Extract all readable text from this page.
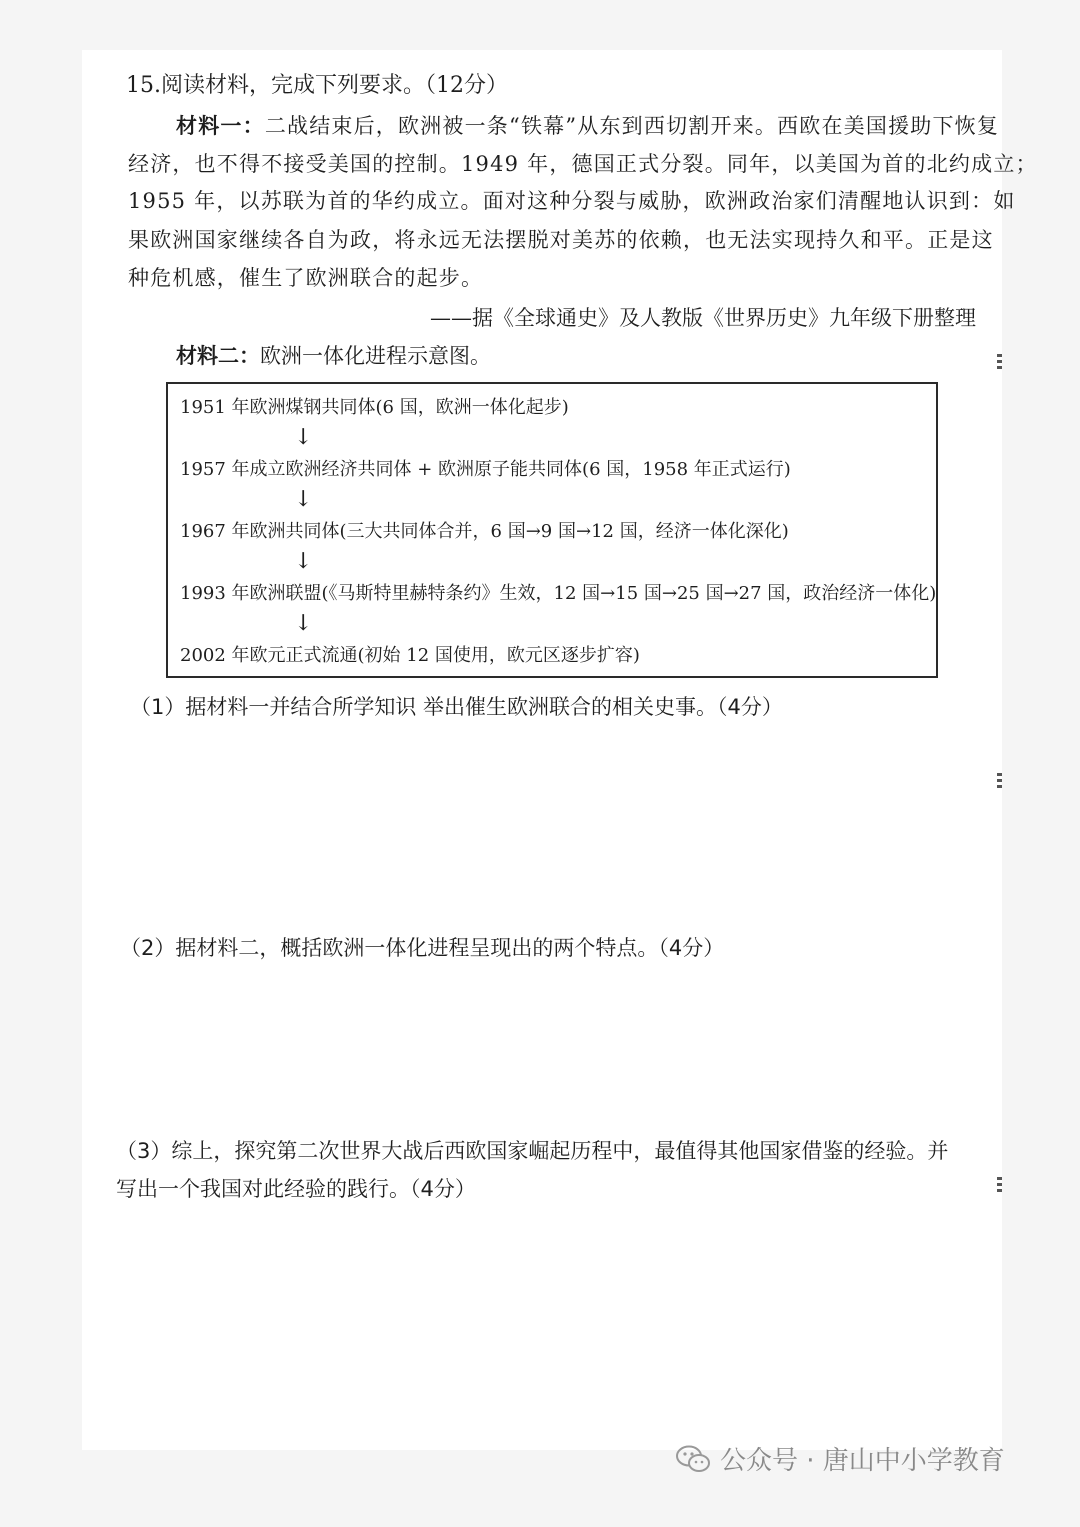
15.阅读材料，完成下列要求。（12分）
材料一：二战结束后，欧洲被一条“铁幕”从东到西切割开来。西欧在美国援助下恢复
经济，也不得不接受美国的控制。1949 年，德国正式分裂。同年，以美国为首的北约成立；
1955 年，以苏联为首的华约成立。面对这种分裂与威胁，欧洲政治家们清醒地认识到：如
果欧洲国家继续各自为政，将永远无法摆脱对美苏的依赖，也无法实现持久和平。正是这
种危机感，催生了欧洲联合的起步。
——据《全球通史》及人教版《世界历史》九年级下册整理
材料二：欧洲一体化进程示意图。
1951 年欧洲煤钢共同体(6 国，欧洲一体化起步)
↓
1957 年成立欧洲经济共同体 + 欧洲原子能共同体(6 国，1958 年正式运行)
↓
1967 年欧洲共同体(三大共同体合并，6 国→9 国→12 国，经济一体化深化)
↓
1993 年欧洲联盟(《马斯特里赫特条约》生效，12 国→15 国→25 国→27 国，政治经济一体化)
↓
2002 年欧元正式流通(初始 12 国使用，欧元区逐步扩容)
（1）据材料一并结合所学知识 举出催生欧洲联合的相关史事。（4分）
（2）据材料二，概括欧洲一体化进程呈现出的两个特点。（4分）
（3）综上，探究第二次世界大战后西欧国家崛起历程中，最值得其他国家借鉴的经验。并
写出一个我国对此经验的践行。（4分）
公众号 · 唐山中小学教育
